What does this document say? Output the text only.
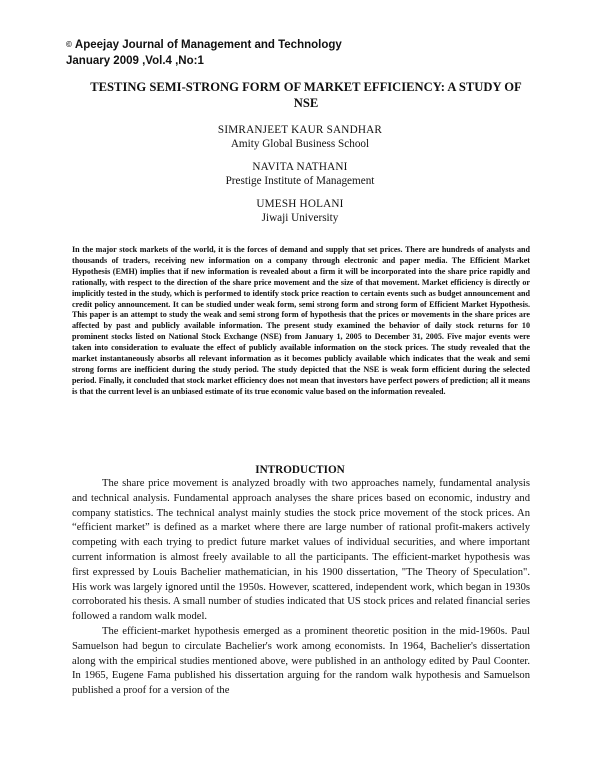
© Apeejay Journal of Management and Technology
January 2009 ,Vol.4 ,No:1
TESTING SEMI-STRONG FORM OF MARKET EFFICIENCY: A STUDY OF NSE
SIMRANJEET KAUR SANDHAR
Amity Global Business School
NAVITA NATHANI
Prestige Institute of Management
UMESH HOLANI
Jiwaji University
In the major stock markets of the world, it is the forces of demand and supply that set prices. There are hundreds of analysts and thousands of traders, receiving new information on a company through electronic and paper media. The Efficient Market Hypothesis (EMH) implies that if new information is revealed about a firm it will be incorporated into the share price rapidly and rationally, with respect to the direction of the share price movement and the size of that movement. Market efficiency is directly or implicitly tested in the study, which is performed to identify stock price reaction to certain events such as budget announcement and credit policy announcement. It can be studied under weak form, semi strong form and strong form of Efficient Market Hypothesis. This paper is an attempt to study the weak and semi strong form of hypothesis that the prices or movements in the share prices are affected by past and publicly available information. The present study examined the behavior of daily stock returns for 10 prominent stocks listed on National Stock Exchange (NSE) from January 1, 2005 to December 31, 2005. Five major events were taken into consideration to evaluate the effect of publicly available information on the stock prices. The study revealed that the market instantaneously absorbs all relevant information as it becomes publicly available which indicates that the weak and semi strong forms are inefficient during the study period. The study depicted that the NSE is weak form efficient during the selected period. Finally, it concluded that stock market efficiency does not mean that investors have perfect powers of prediction; all it means is that the current level is an unbiased estimate of its true economic value based on the information revealed.
INTRODUCTION

The share price movement is analyzed broadly with two approaches namely, fundamental analysis and technical analysis. Fundamental approach analyses the share prices based on economic, industry and company statistics. The technical analyst mainly studies the stock price movement of the stock prices. An “efficient market” is defined as a market where there are large number of rational profit-makers actively competing with each trying to predict future market values of individual securities, and where important current information is almost freely available to all the participants. The efficient-market hypothesis was first expressed by Louis Bachelier mathematician, in his 1900 dissertation, "The Theory of Speculation". His work was largely ignored until the 1950s. However, scattered, independent work, which began in 1930s corroborated his thesis. A small number of studies indicated that US stock prices and related financial series followed a random walk model.

The efficient-market hypothesis emerged as a prominent theoretic position in the mid-1960s. Paul Samuelson had begun to circulate Bachelier's work among economists. In 1964, Bachelier's dissertation along with the empirical studies mentioned above, were published in an anthology edited by Paul Coonter. In 1965, Eugene Fama published his dissertation arguing for the random walk hypothesis and Samuelson published a proof for a version of the
